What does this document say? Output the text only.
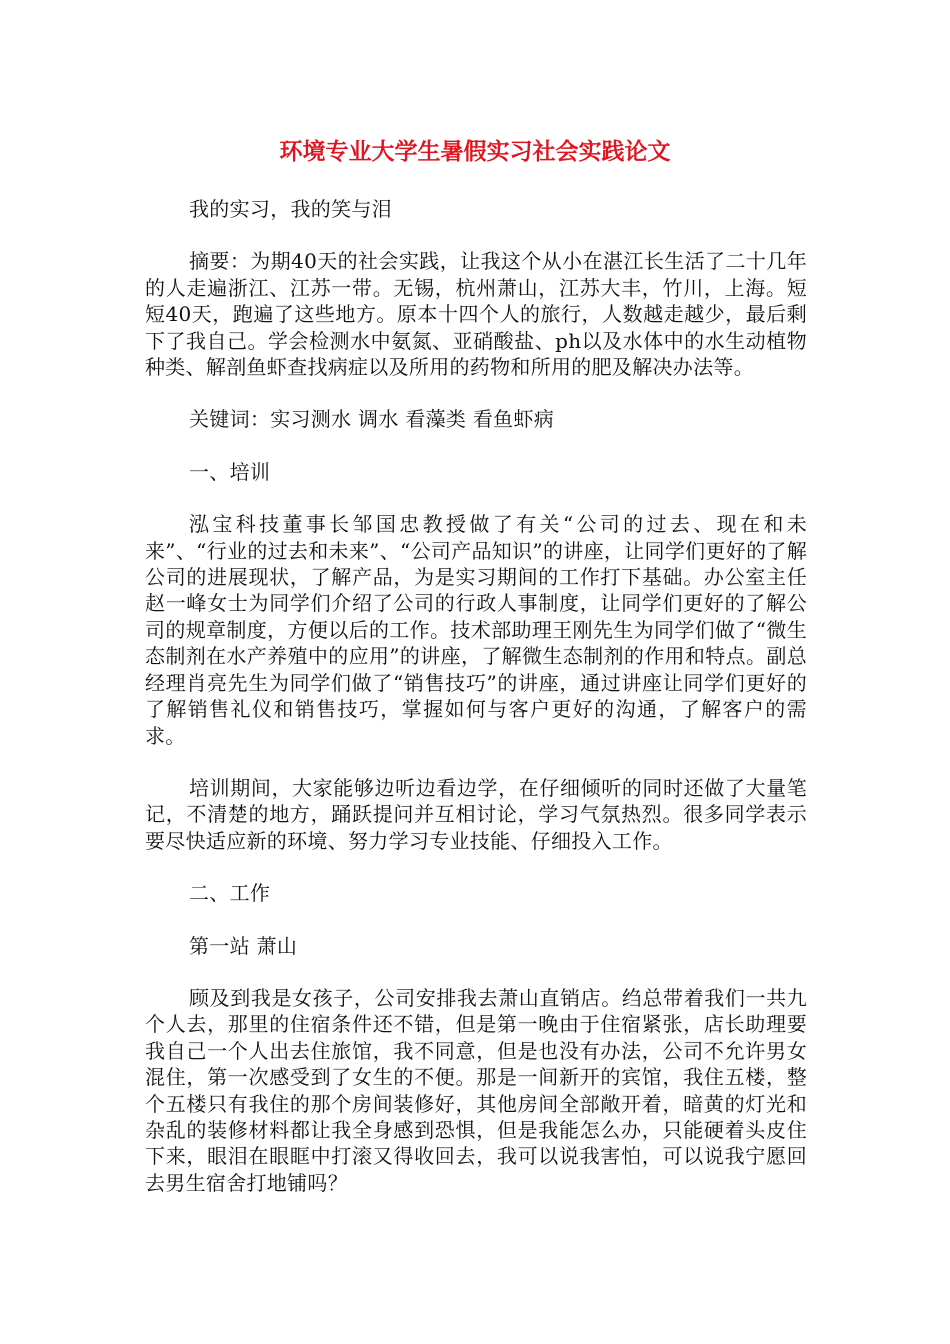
环境专业大学生暑假实习社会实践论文

我的实习，我的笑与泪

摘要：为期40天的社会实践，让我这个从小在湛江长生活了二十几年的人走遍浙江、江苏一带。无锡，杭州萧山，江苏大丰，竹川，上海。短短40天，跑遍了这些地方。原本十四个人的旅行，人数越走越少，最后剩下了我自己。学会检测水中氨氮、亚硝酸盐、ph以及水体中的水生动植物种类、解剖鱼虾查找病症以及所用的药物和所用的肥及解决办法等。

关键词：实习测水 调水 看藻类 看鱼虾病

一、培训

泓宝科技董事长邹国忠教授做了有关“公司的过去、现在和未来”、“行业的过去和未来”、“公司产品知识”的讲座，让同学们更好的了解公司的进展现状，了解产品，为是实习期间的工作打下基础。办公室主任赵一峰女士为同学们介绍了公司的行政人事制度，让同学们更好的了解公司的规章制度，方便以后的工作。技术部助理王刚先生为同学们做了“微生态制剂在水产养殖中的应用”的讲座，了解微生态制剂的作用和特点。副总经理肖亮先生为同学们做了“销售技巧”的讲座，通过讲座让同学们更好的了解销售礼仪和销售技巧，掌握如何与客户更好的沟通，了解客户的需求。

培训期间，大家能够边听边看边学，在仔细倾听的同时还做了大量笔记，不清楚的地方，踊跃提问并互相讨论，学习气氛热烈。很多同学表示要尽快适应新的环境、努力学习专业技能、仔细投入工作。

二、工作

第一站 萧山

顾及到我是女孩子，公司安排我去萧山直销店。绉总带着我们一共九个人去，那里的住宿条件还不错，但是第一晚由于住宿紧张，店长助理要我自己一个人出去住旅馆，我不同意，但是也没有办法，公司不允许男女混住，第一次感受到了女生的不便。那是一间新开的宾馆，我住五楼，整个五楼只有我住的那个房间装修好，其他房间全部敞开着，暗黄的灯光和杂乱的装修材料都让我全身感到恐惧，但是我能怎么办，只能硬着头皮住下来，眼泪在眼眶中打滚又得收回去，我可以说我害怕，可以说我宁愿回去男生宿舍打地铺吗？
